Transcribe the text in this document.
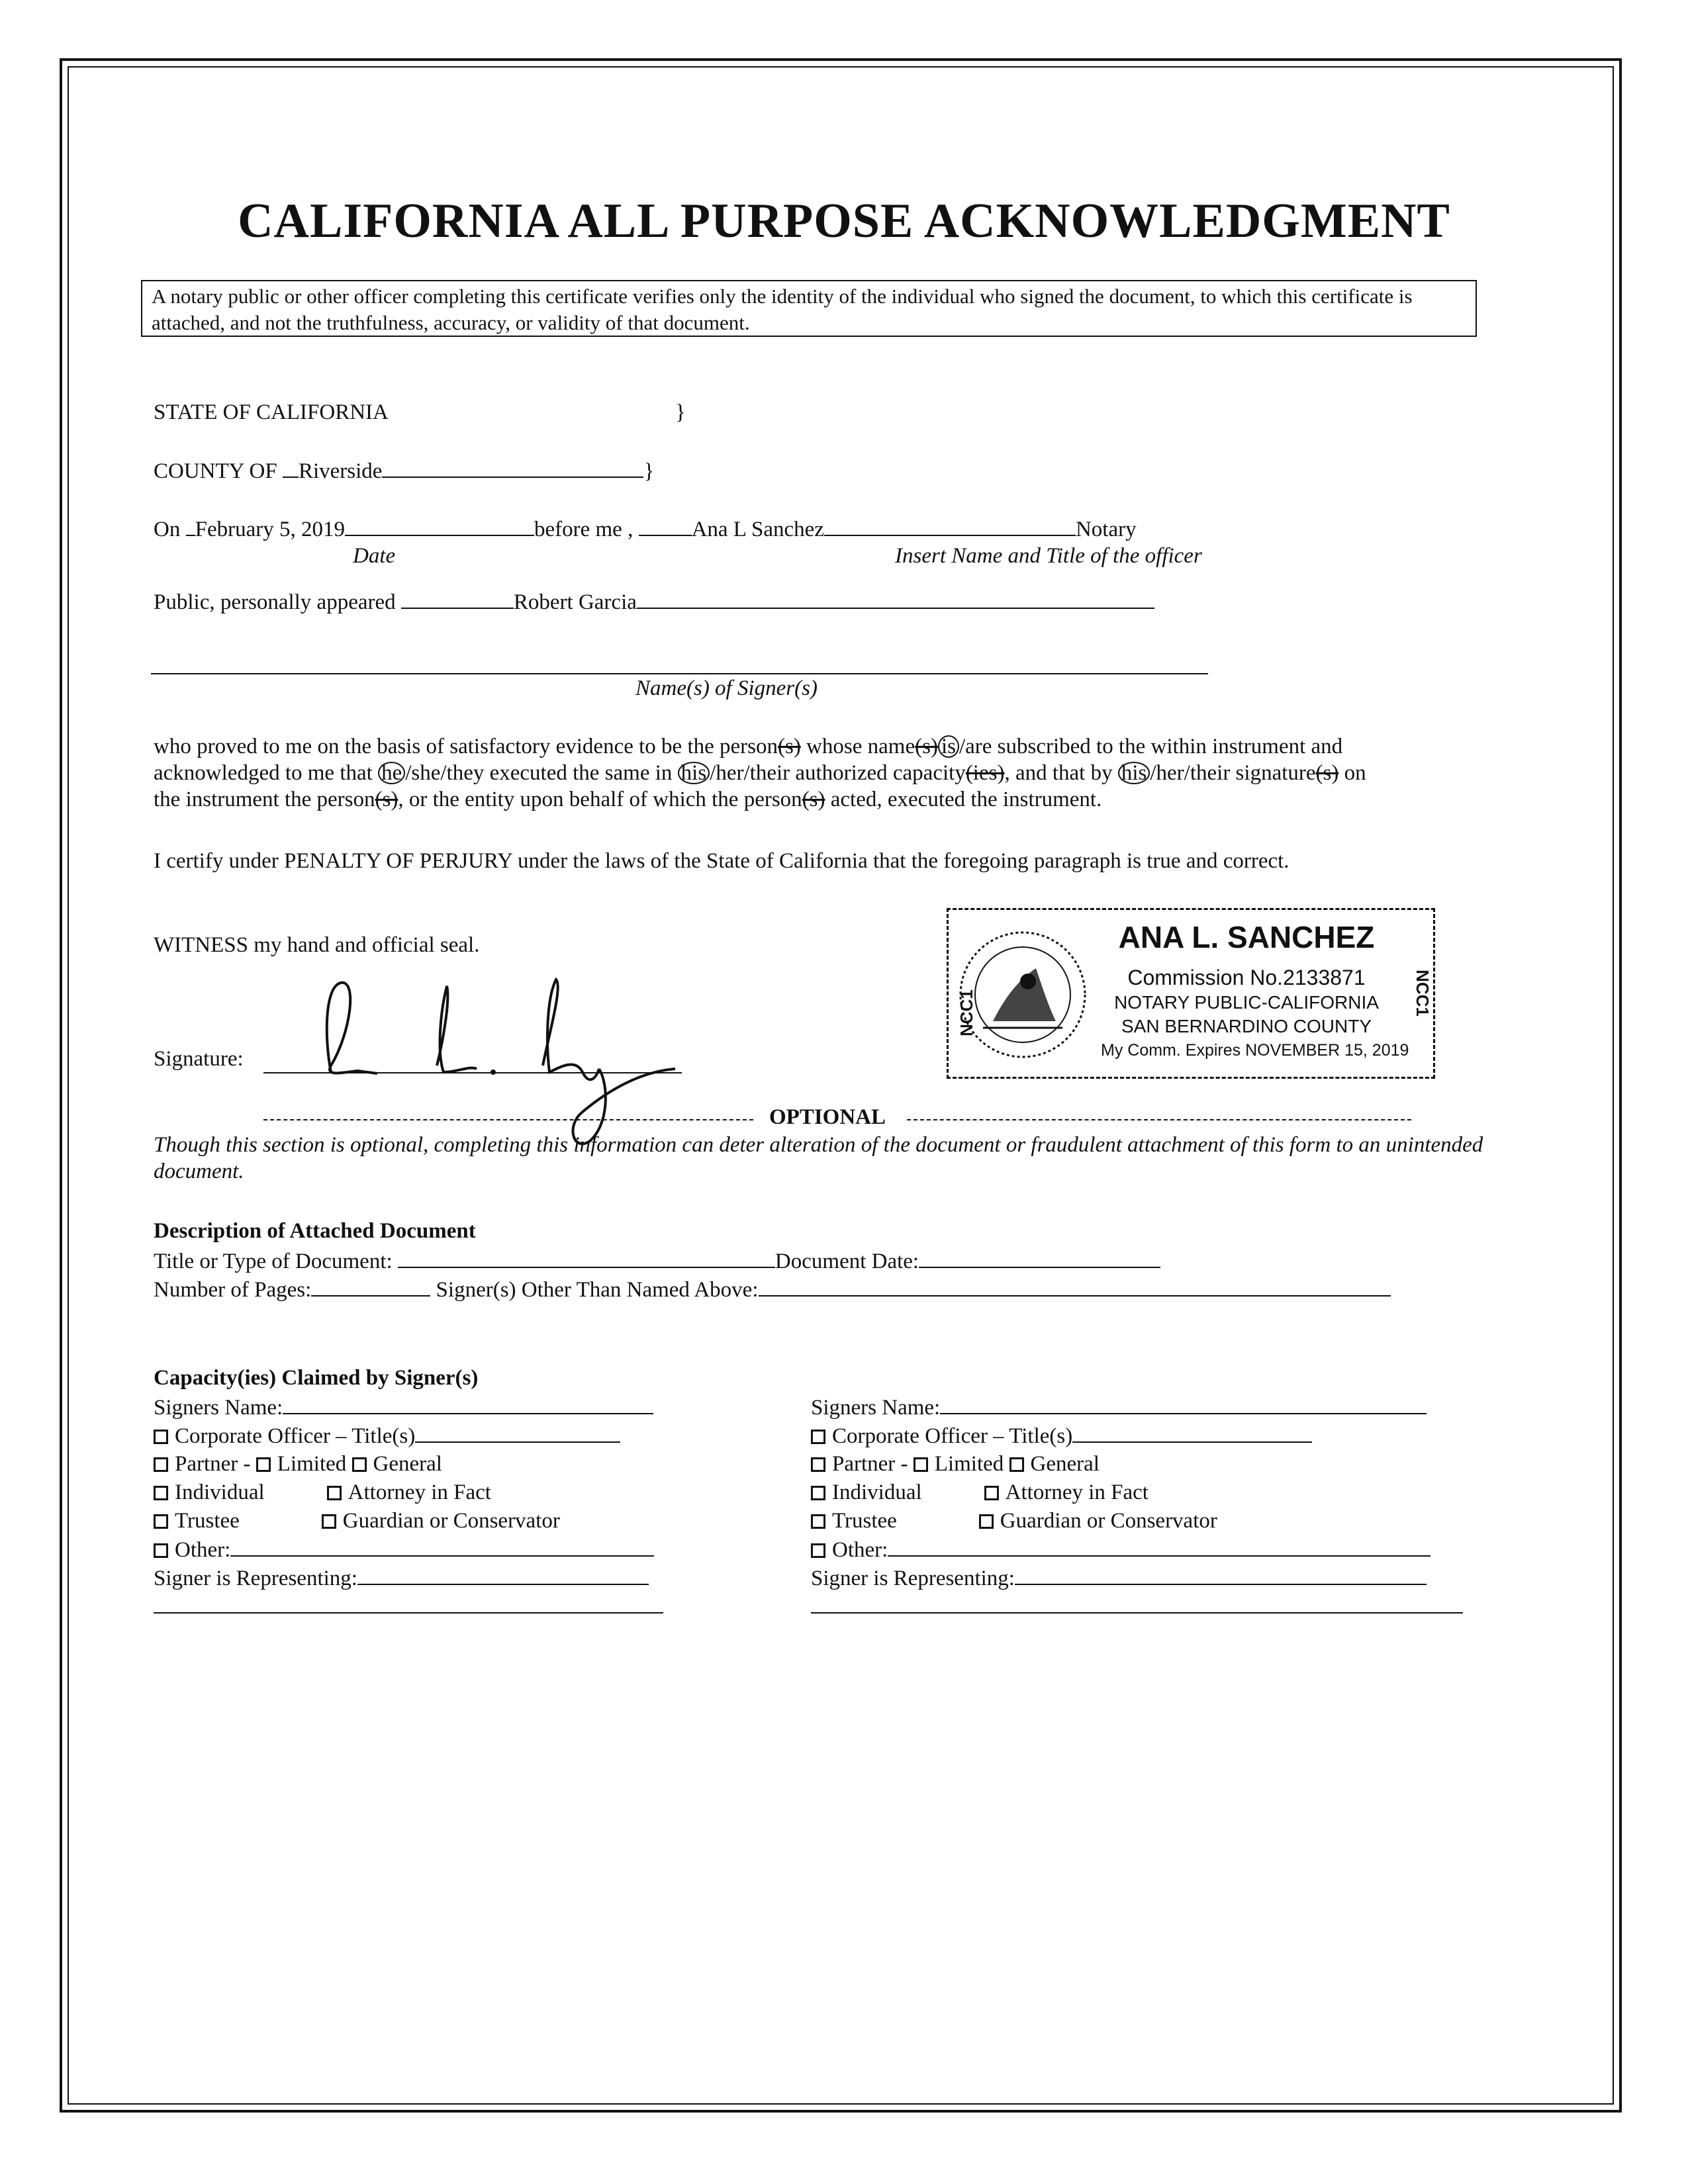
CALIFORNIA ALL PURPOSE ACKNOWLEDGMENT
A notary public or other officer completing this certificate verifies only the identity of the individual who signed the document, to which this certificate is attached, and not the truthfulness, accuracy, or validity of that document.
STATE OF CALIFORNIA	}
COUNTY OF Riverside	}
On February 5, 2019	before me ,	Ana L Sanchez	Notary
Date	Insert Name and Title of the officer
Public, personally appeared	Robert Garcia
Name(s) of Signer(s)
who proved to me on the basis of satisfactory evidence to be the person(s) whose name(s) is /are subscribed to the within instrument and
acknowledged to me that he /she/they executed the same in his /her/their authorized capacity(ies), and that by his /her/their signature(s) on
the instrument the person(s), or the entity upon behalf of which the person(s) acted, executed the instrument.
I certify under PENALTY OF PERJURY under the laws of the State of California that the foregoing paragraph is true and correct.
WITNESS my hand and official seal.
Signature:
NCC1	NCC1
ANA L. SANCHEZ
Commission No.2133871
NOTARY PUBLIC-CALIFORNIA
SAN BERNARDINO COUNTY
My Comm. Expires NOVEMBER 15, 2019
OPTIONAL
Though this section is optional, completing this information can deter alteration of the document or fraudulent attachment of this form to an unintended document.
Description of Attached Document
Title or Type of Document:	Document Date:
Number of Pages:	Signer(s) Other Than Named Above:
Capacity(ies) Claimed by Signer(s)
Signers Name:
Corporate Officer – Title(s)
Partner - Limited General
Individual	Attorney in Fact
Trustee	Guardian or Conservator
Other:
Signer is Representing:
Signers Name:
Corporate Officer – Title(s)
Partner - Limited General
Individual	Attorney in Fact
Trustee	Guardian or Conservator
Other:
Signer is Representing:
